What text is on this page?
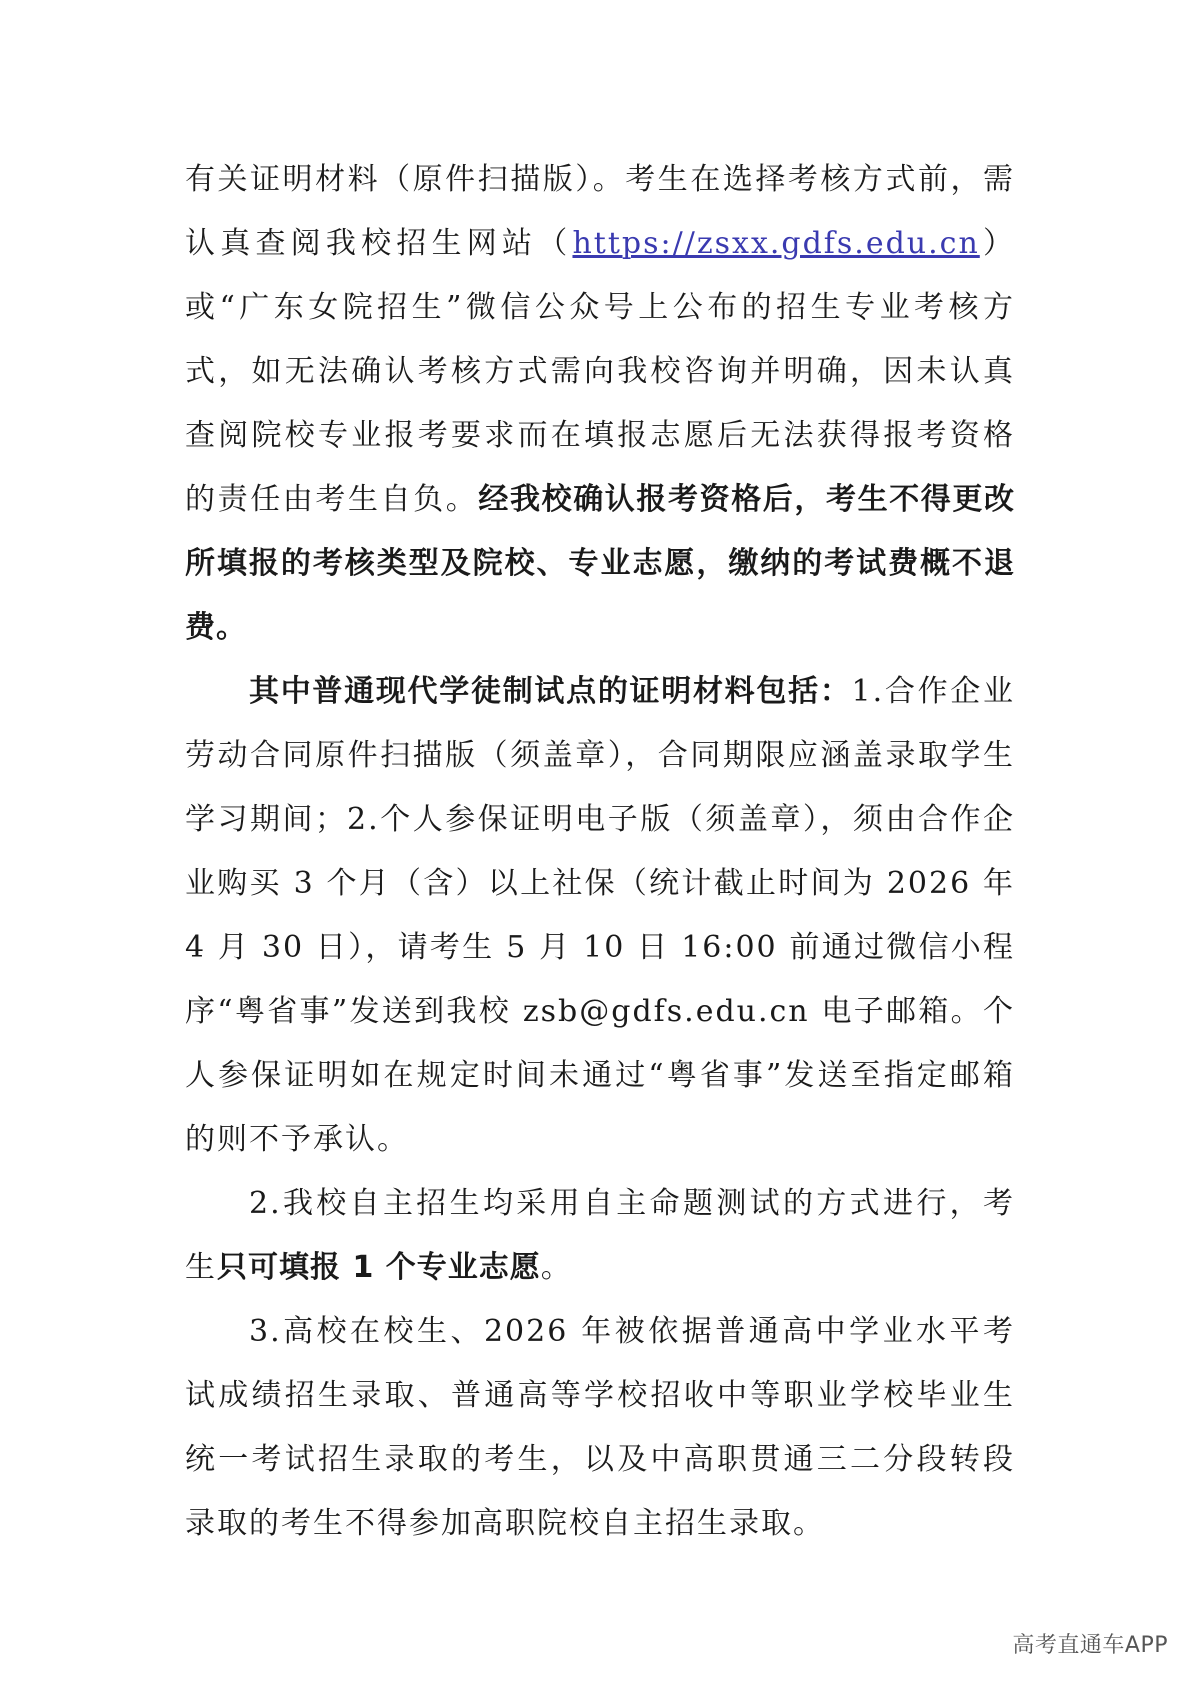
有关证明材料（原件扫描版）。考生在选择考核方式前，需认真查阅我校招生网站（https://zsxx.gdfs.edu.cn）或“广东女院招生”微信公众号上公布的招生专业考核方式，如无法确认考核方式需向我校咨询并明确，因未认真查阅院校专业报考要求而在填报志愿后无法获得报考资格的责任由考生自负。经我校确认报考资格后，考生不得更改所填报的考核类型及院校、专业志愿，缴纳的考试费概不退费。

其中普通现代学徒制试点的证明材料包括：1.合作企业劳动合同原件扫描版（须盖章），合同期限应涵盖录取学生学习期间；2.个人参保证明电子版（须盖章），须由合作企业购买 3 个月（含）以上社保（统计截止时间为 2026 年 4 月 30 日），请考生 5 月 10 日 16:00 前通过微信小程序“粤省事”发送到我校 zsb@gdfs.edu.cn 电子邮箱。个人参保证明如在规定时间未通过“粤省事”发送至指定邮箱的则不予承认。

2.我校自主招生均采用自主命题测试的方式进行，考生只可填报 1 个专业志愿。

3.高校在校生、2026 年被依据普通高中学业水平考试成绩招生录取、普通高等学校招收中等职业学校毕业生统一考试招生录取的考生，以及中高职贯通三二分段转段录取的考生不得参加高职院校自主招生录取。

高考直通车APP
